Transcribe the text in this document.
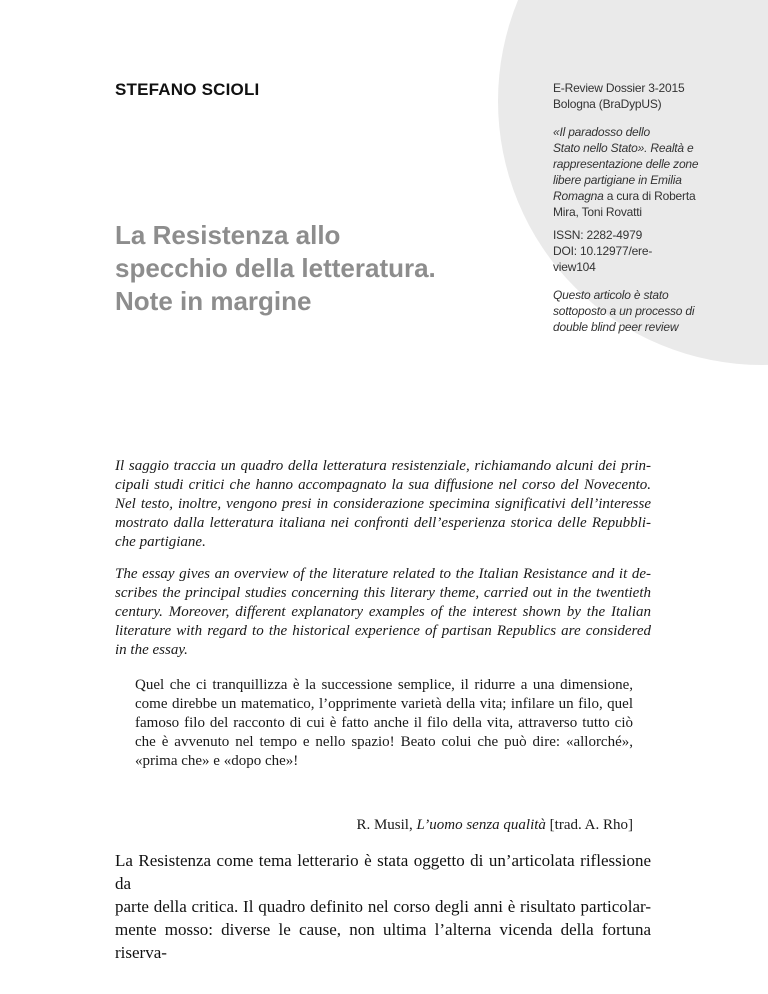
STEFANO SCIOLI
La Resistenza allo
specchio della letteratura.
Note in margine
E-Review Dossier 3-2015
Bologna (BraDypUS)
«Il paradosso dello
Stato nello Stato». Realtà e
rappresentazione delle zone
libere partigiane in Emilia
Romagna a cura di Roberta
Mira, Toni Rovatti
ISSN: 2282-4979
DOI: 10.12977/ere-
view104
Questo articolo è stato
sottoposto a un processo di
double blind peer review
Il saggio traccia un quadro della letteratura resistenziale, richiamando alcuni dei prin-
cipali studi critici che hanno accompagnato la sua diffusione nel corso del Novecento.
Nel testo, inoltre, vengono presi in considerazione specimina significativi dell’interesse
mostrato dalla letteratura italiana nei confronti dell’esperienza storica delle Repubbli-
che partigiane.
The essay gives an overview of the literature related to the Italian Resistance and it de-
scribes the principal studies concerning this literary theme, carried out in the twentieth
century. Moreover, different explanatory examples of the interest shown by the Italian
literature with regard to the historical experience of partisan Republics are considered
in the essay.
Quel che ci tranquillizza è la successione semplice, il ridurre a una dimensione,
come direbbe un matematico, l’opprimente varietà della vita; infilare un filo, quel
famoso filo del racconto di cui è fatto anche il filo della vita, attraverso tutto ciò
che è avvenuto nel tempo e nello spazio! Beato colui che può dire: «allorché»,
«prima che» e «dopo che»!
R. Musil, L’uomo senza qualità [trad. A. Rho]
La Resistenza come tema letterario è stata oggetto di un’articolata riflessione da
parte della critica. Il quadro definito nel corso degli anni è risultato particolar-
mente mosso: diverse le cause, non ultima l’alterna vicenda della fortuna riserva-
